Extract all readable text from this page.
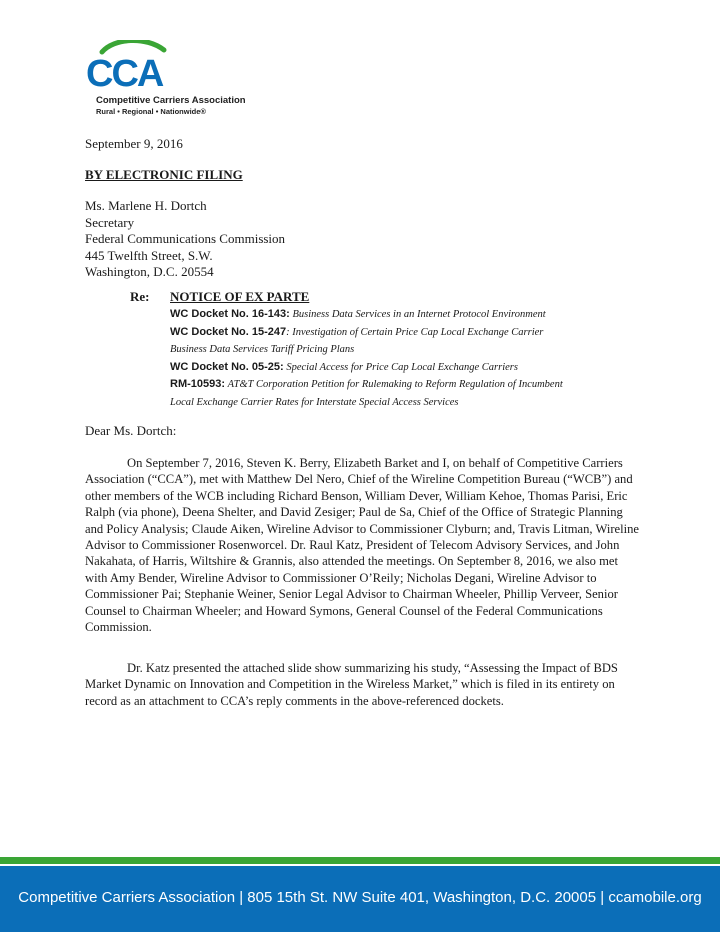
CCA
Competitive Carriers Association
Rural • Regional • Nationwide®

September 9, 2016

BY ELECTRONIC FILING

Ms. Marlene H. Dortch
Secretary
Federal Communications Commission
445 Twelfth Street, S.W.
Washington, D.C. 20554
Re: NOTICE OF EX PARTE
WC Docket No. 16-143: Business Data Services in an Internet Protocol Environment
WC Docket No. 15-247: Investigation of Certain Price Cap Local Exchange Carrier
Business Data Services Tariff Pricing Plans
WC Docket No. 05-25: Special Access for Price Cap Local Exchange Carriers
RM-10593: AT&T Corporation Petition for Rulemaking to Reform Regulation of Incumbent
Local Exchange Carrier Rates for Interstate Special Access Services

Dear Ms. Dortch:

On September 7, 2016, Steven K. Berry, Elizabeth Barket and I, on behalf of Competitive Carriers Association (“CCA”), met with Matthew Del Nero, Chief of the Wireline Competition Bureau (“WCB”) and other members of the WCB including Richard Benson, William Dever, William Kehoe, Thomas Parisi, Eric Ralph (via phone), Deena Shelter, and David Zesiger; Paul de Sa, Chief of the Office of Strategic Planning and Policy Analysis; Claude Aiken, Wireline Advisor to Commissioner Clyburn; and, Travis Litman, Wireline Advisor to Commissioner Rosenworcel. Dr. Raul Katz, President of Telecom Advisory Services, and John Nakahata, of Harris, Wiltshire & Grannis, also attended the meetings. On September 8, 2016, we also met with Amy Bender, Wireline Advisor to Commissioner O’Reily; Nicholas Degani, Wireline Advisor to Commissioner Pai; Stephanie Weiner, Senior Legal Advisor to Chairman Wheeler, Phillip Verveer, Senior Counsel to Chairman Wheeler; and Howard Symons, General Counsel of the Federal Communications Commission.

Dr. Katz presented the attached slide show summarizing his study, “Assessing the Impact of BDS Market Dynamic on Innovation and Competition in the Wireless Market,” which is filed in its entirety on record as an attachment to CCA’s reply comments in the above-referenced dockets.

Competitive Carriers Association | 805 15th St. NW Suite 401, Washington, D.C. 20005 | ccamobile.org
